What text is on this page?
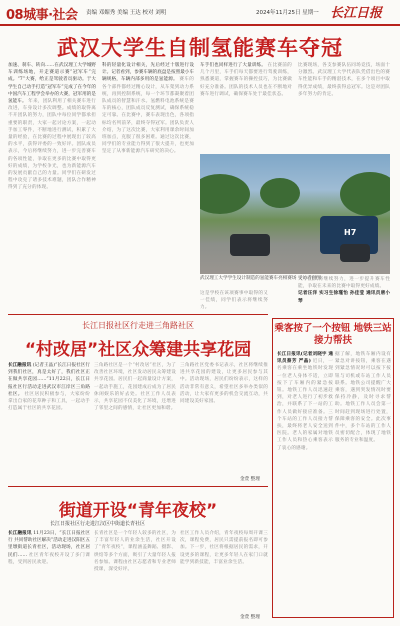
08城事·社会 责编 邓媚秀 美编 王达 校对 刘明	2024年11月25日 星期一 长江日报
武汉大学生自制氢能赛车夺冠
加速、刹车、转向……在武汉理工大学城野车训练场地，开走赛道示赛“冠军车”完成。“7”大赛，给正是驾驶者员驱动。于大学生自己动手打造“冠军车”完成了在今年的中国汽车工程学会举办的大赛，冠军用的是氢能车。 年来，团队利用了相关赛车进行改进，车身设计多次调整。成绩的取得离不开团队的努力，团队中每位同学都承担重要的职责，大家一起讨论方案，一起动手加工零件，不断地进行测试，积累了大量的经验，在比赛的过程中展现出了较高的水平，获得评委的一致好评。团队成员表示，今后将继续努力，进一步完善赛车的各项性能，争取在更多的比赛中取得更好的成绩，为学校争光，也为新能源汽车的发展贡献自己的力量。同学们在研发过程中攻克了诸多技术难题，团队合作精神得到了充分的体现。
科的轻量化设计相关，先后经过十版进行设计。记者看到，参赛车辆的底盘是按照最小车辆规格，车辆内部多用的是氢能源。 赛车的各个部件都经过精心设计，从车架到动力系统，再到控制系统，每一个环节都凝聚着团队成员的智慧和汗水。氢燃料电池系统是赛车的核心，团队成员反复测试，确保系统稳定可靠。在比赛中，赛车表现出色，各项指标均名列前茅，最终夺得冠军。团队负责人介绍，为了这次比赛，大家利用课余时间加班加点，克服了很多困难。通过这次比赛，同学们的专业能力得到了很大提升，也更加坚定了从事新能源汽车研究的决心。
车手们也同样进行了大量训练。 在比赛前的几个月里，车手们每天都要进行驾驶训练，熟悉赛道，掌握赛车的操控技巧，为比赛做好充分准备。团队的技术人员也在不断地对赛车进行调试，确保赛车处于最佳状态。
比赛现场，各支参赛队伍同场竞技，场面十分激烈。武汉理工大学代表队凭借出色的赛车性能和车手的精湛技术，在多个项目中取得优异成绩，最终获得总冠军。这是对团队多年努力的肯定。
H7
武汉理工大学学生设计制造的氢能赛车亮相赛场 受访者供图
这是学校在该项赛事中取得的又一佳绩，同学们表示将继续努力。
大学团队将继续努力，进一步提升赛车性能，争取在未来的比赛中取得更好成绩。
记者汪洋 实习生徐瑾怡 孙佳莹 通讯员唐小琴
长江日报社区行走进三角路社区
“村改居”社区众筹建共享花园
长江融报讯 (记者王晶)“长江日报社区行到我们社区，真是太好了，我们社区正在做共享花园……”11月22日，长江日报社区行活动走进武汉市江岸区三角路社区。 社区居民积极参与，大家纷纷拿出自家的花草种子和工具，一起动手打造属于社区的共享花园。
三角路社区是一个“村改居”社区，为了改善社区环境，社区发动居民众筹建设共享花园。居民们一起商量设计方案，一起动手施工，花园建成后成为了居民休闲娱乐的好去处。社区工作人员表示，共享花园不仅美化了环境，还增进了邻里之间的感情，让社区更加和谐。
三角路社区党委书记表示，社区将继续推进共享花园的建设，让更多居民参与其中。活动现场，居民们纷纷表示，这样的活动非常有意义，希望社区多举办类似的活动，让大家有更多的机会交流互动，共同建设美好家园。
金萱 整理
乘客按了一个按钮 地铁三站接力帮扶
长江日报讯(记者刘晓宇 通讯员蔡芳 严晶) 近日，一名乘客在乘坐地铁时发现一位老人身体不适，立即按下了车厢内的紧急按钮。地铁工作人员迅速赶到，对老人进行了初步救治，并联系了下一站的工作人员做好接应准备。三个车站的工作人员接力帮扶，最终将老人安全送到医院。老人的家属对地铁工作人员和热心乘客表示了衷心的感谢。
据了解，地铁车厢内设有紧急对讲按钮，乘客在遇到紧急情况时可以按下按钮与司机或车站工作人员联系。地铁公司提醒广大乘客，遇到突发情况时要保持冷静，及时寻求帮助。地铁工作人员会第一时间赶到现场进行处置，保障乘客的安全。此次事件中，多个车站的工作人员密切配合，体现了地铁服务的专业和温度。
街道开设“青年夜校”
长江日报社区行走进江汉区中街道长青社区
长江融报讯 11月23日，“长江日报社区行 共同帮助社区解决”活动走进汉阳区五里墩街道长青社区，活动现场，社区居民们…… 社区青年夜校开设了多门课程，受到居民欢迎。
长青社区是一个年轻人较多的社区，为了丰富年轻人的业余生活，社区开设了“青年夜校”，课程涵盖舞蹈、摄影、烘焙等多个方面，吸引了大量年轻人报名参加。课程由社区志愿者和专业老师授课，深受好评。
社区工作人员介绍，青年夜校每周开课三次，课程免费，居民只需提前报名即可参加。下一步，社区将根据居民的需求，开设更多的课程，让更多年轻人在家门口就能学到新技能，丰富业余生活。
金萱 整理
